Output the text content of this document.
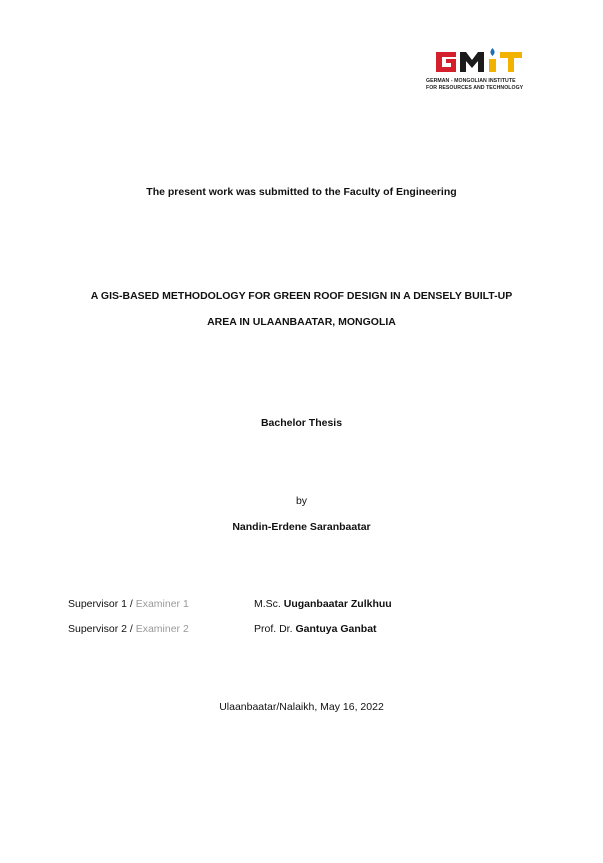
GERMAN - MONGOLIAN INSTITUTE
FOR RESOURCES AND TECHNOLOGY
The present work was submitted to the Faculty of Engineering
A GIS-BASED METHODOLOGY FOR GREEN ROOF DESIGN IN A DENSELY BUILT-UP
AREA IN ULAANBAATAR, MONGOLIA
Bachelor Thesis
by
Nandin-Erdene Saranbaatar
Supervisor 1 / Examiner 1	M.Sc. Uuganbaatar Zulkhuu
Supervisor 2 / Examiner 2	Prof. Dr. Gantuya Ganbat
Ulaanbaatar/Nalaikh, May 16, 2022
